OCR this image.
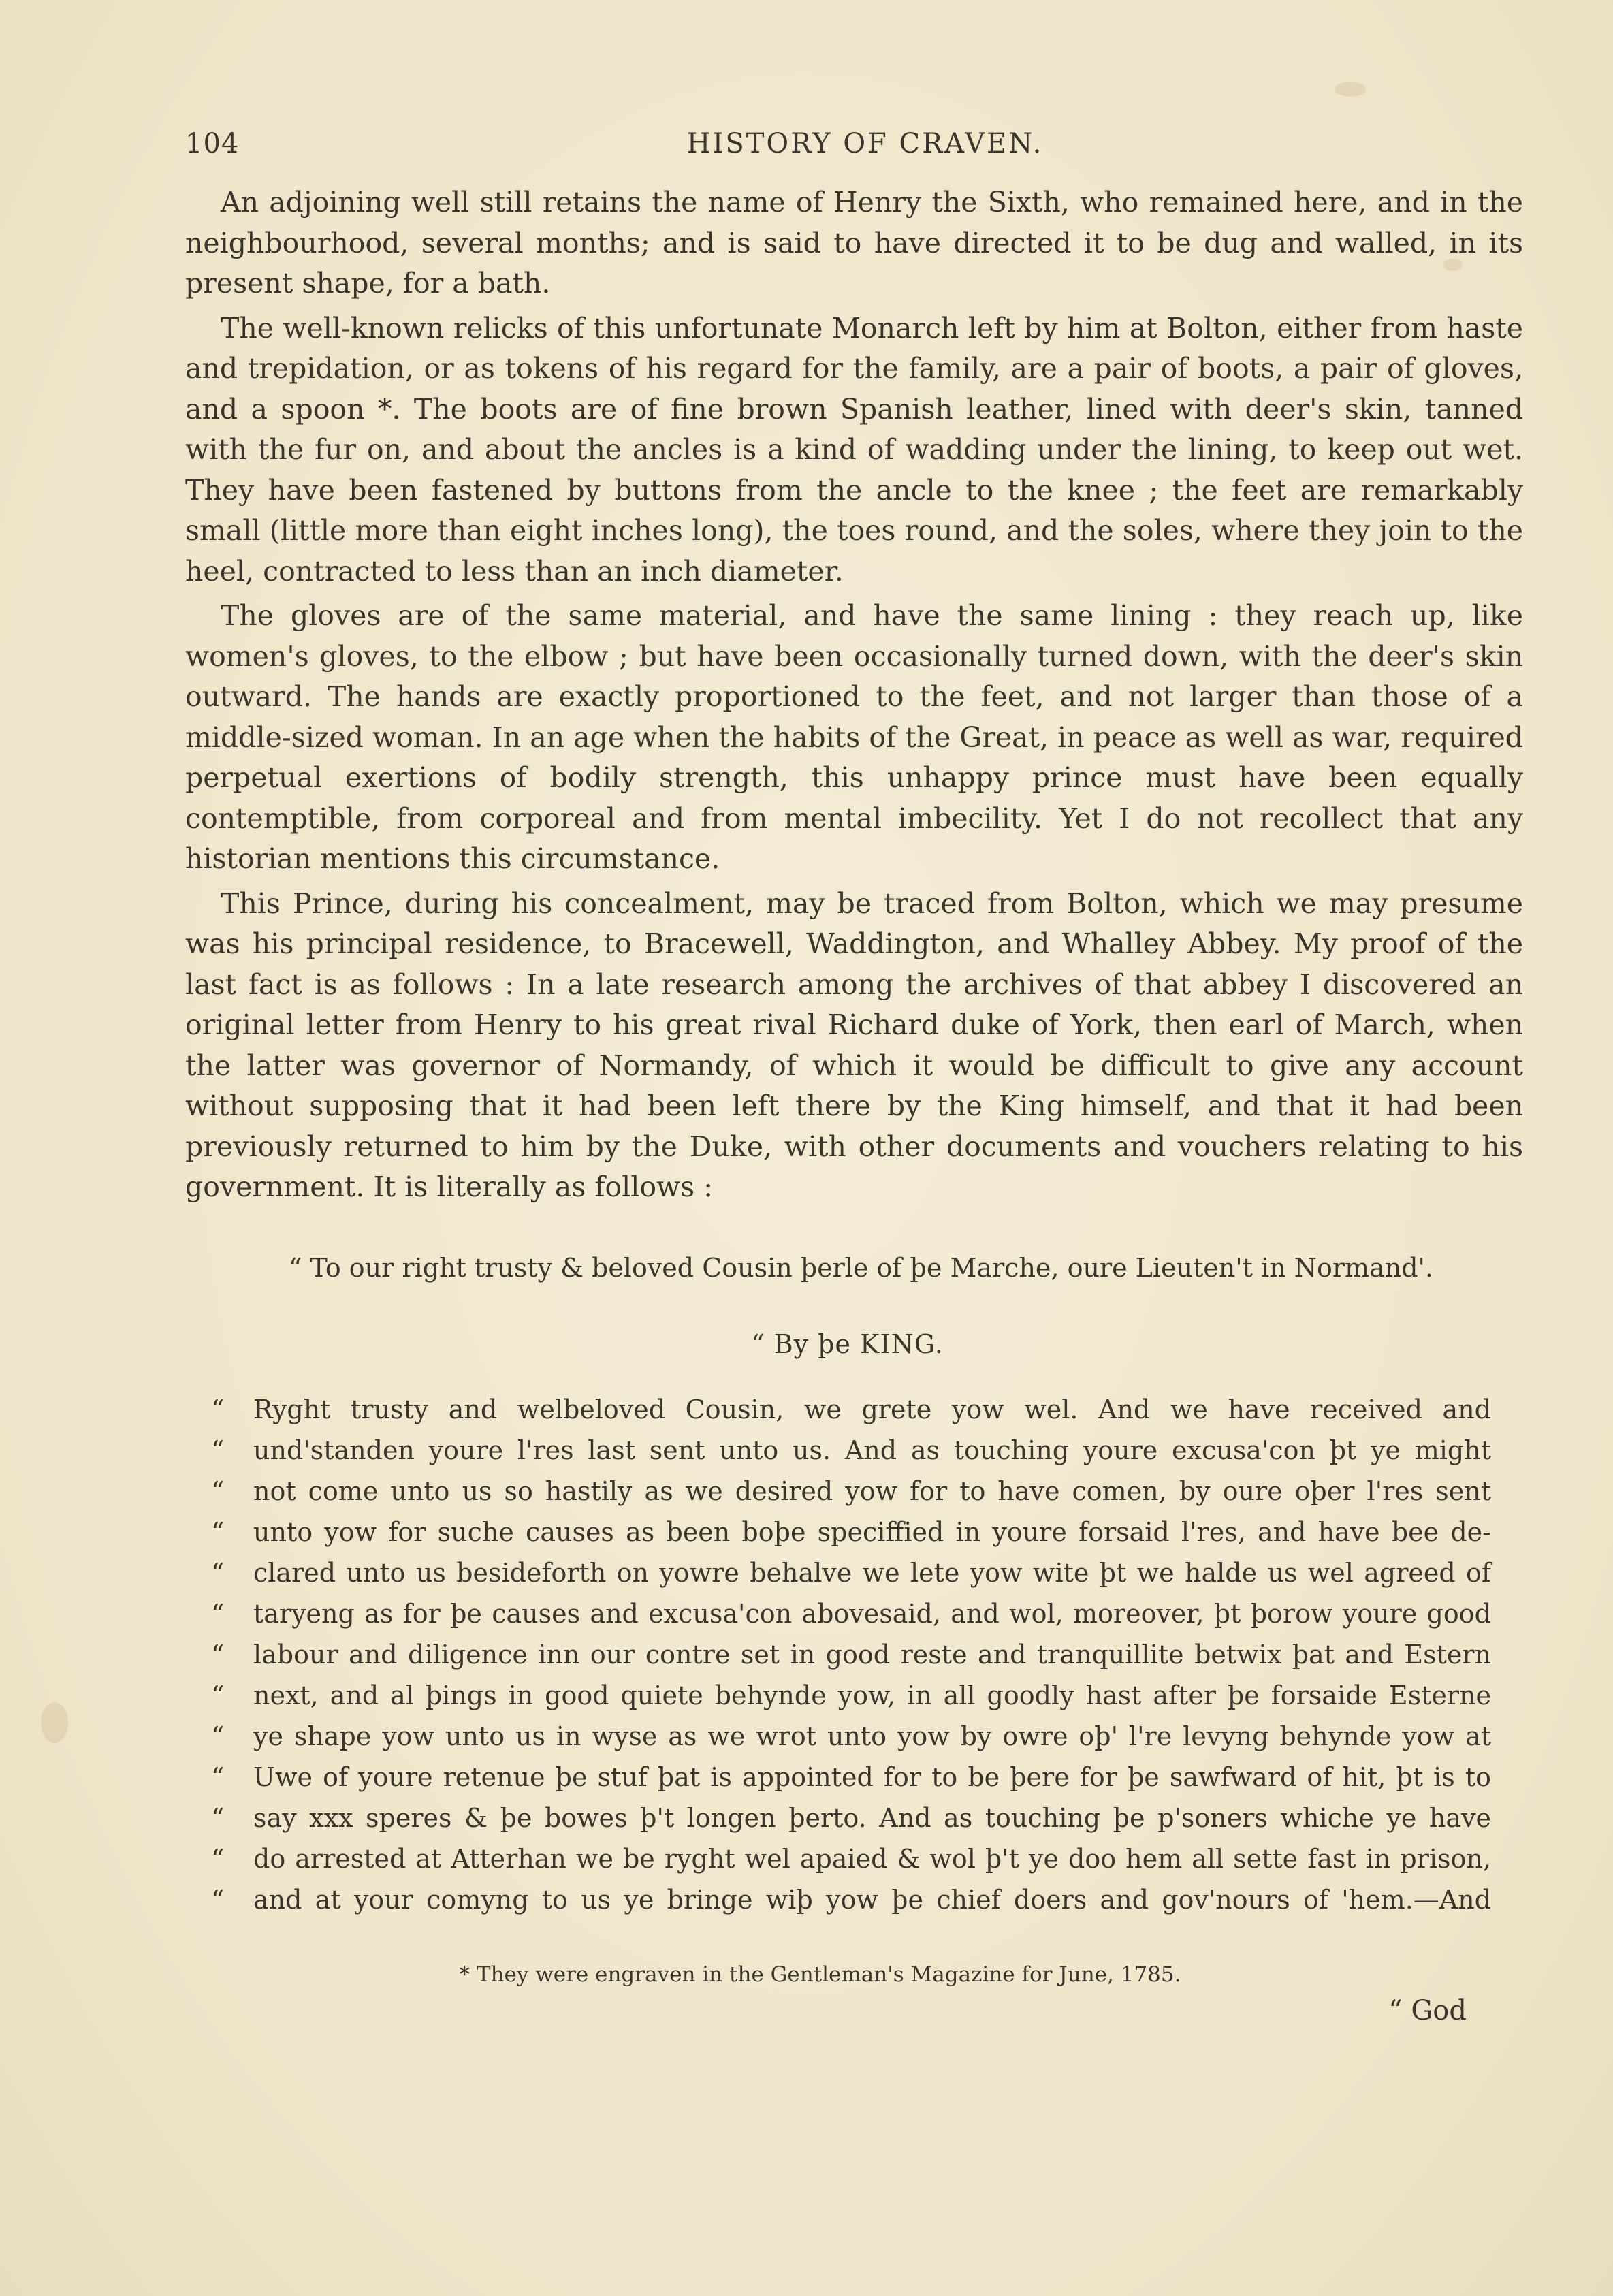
104	HISTORY OF CRAVEN.

An adjoining well still retains the name of Henry the Sixth, who remained here, and in the neighbourhood, several months; and is said to have directed it to be dug and walled, in its present shape, for a bath.

The well-known relicks of this unfortunate Monarch left by him at Bolton, either from haste and trepidation, or as tokens of his regard for the family, are a pair of boots, a pair of gloves, and a spoon *. The boots are of fine brown Spanish leather, lined with deer's skin, tanned with the fur on, and about the ancles is a kind of wadding under the lining, to keep out wet. They have been fastened by buttons from the ancle to the knee ; the feet are remarkably small (little more than eight inches long), the toes round, and the soles, where they join to the heel, contracted to less than an inch diameter.

The gloves are of the same material, and have the same lining : they reach up, like women's gloves, to the elbow ; but have been occasionally turned down, with the deer's skin outward. The hands are exactly proportioned to the feet, and not larger than those of a middle-sized woman. In an age when the habits of the Great, in peace as well as war, required perpetual exertions of bodily strength, this unhappy prince must have been equally contemptible, from corporeal and from mental imbecility. Yet I do not recollect that any historian mentions this circumstance.

This Prince, during his concealment, may be traced from Bolton, which we may presume was his principal residence, to Bracewell, Waddington, and Whalley Abbey. My proof of the last fact is as follows : In a late research among the archives of that abbey I discovered an original letter from Henry to his great rival Richard duke of York, then earl of March, when the latter was governor of Normandy, of which it would be difficult to give any account without supposing that it had been left there by the King himself, and that it had been previously returned to him by the Duke, with other documents and vouchers relating to his government. It is literally as follows :

“ To our right trusty & beloved Cousin þerle of þe Marche, oure Lieuten't in Normand'.
“ By þe KING.
“	Ryght trusty and welbeloved Cousin, we grete yow wel. And we have received and
“	und'standen youre l'res last sent unto us. And as touching youre excusa'con þt ye might
“	not come unto us so hastily as we desired yow for to have comen, by oure oþer l'res sent
“	unto yow for suche causes as been boþe speciffied in youre forsaid l'res, and have bee de-
“	clared unto us besideforth on yowre behalve we lete yow wite þt we halde us wel agreed of
“	taryeng as for þe causes and excusa'con abovesaid, and wol, moreover, þt þorow youre good
“	labour and diligence inn our contre set in good reste and tranquillite betwix þat and Estern
“	next, and al þings in good quiete behynde yow, in all goodly hast after þe forsaide Esterne
“	ye shape yow unto us in wyse as we wrot unto yow by owre oþ' l're levyng behynde yow at
“	Uwe of youre retenue þe stuf þat is appointed for to be þere for þe sawfward of hit, þt is to
“	say xxx speres & þe bowes þ't longen þerto. And as touching þe p'soners whiche ye have
“	do arrested at Atterhan we be ryght wel apaied & wol þ't ye doo hem all sette fast in prison,
“	and at your comyng to us ye bringe wiþ yow þe chief doers and gov'nours of 'hem.—And
* They were engraven in the Gentleman's Magazine for June, 1785.
“ God
